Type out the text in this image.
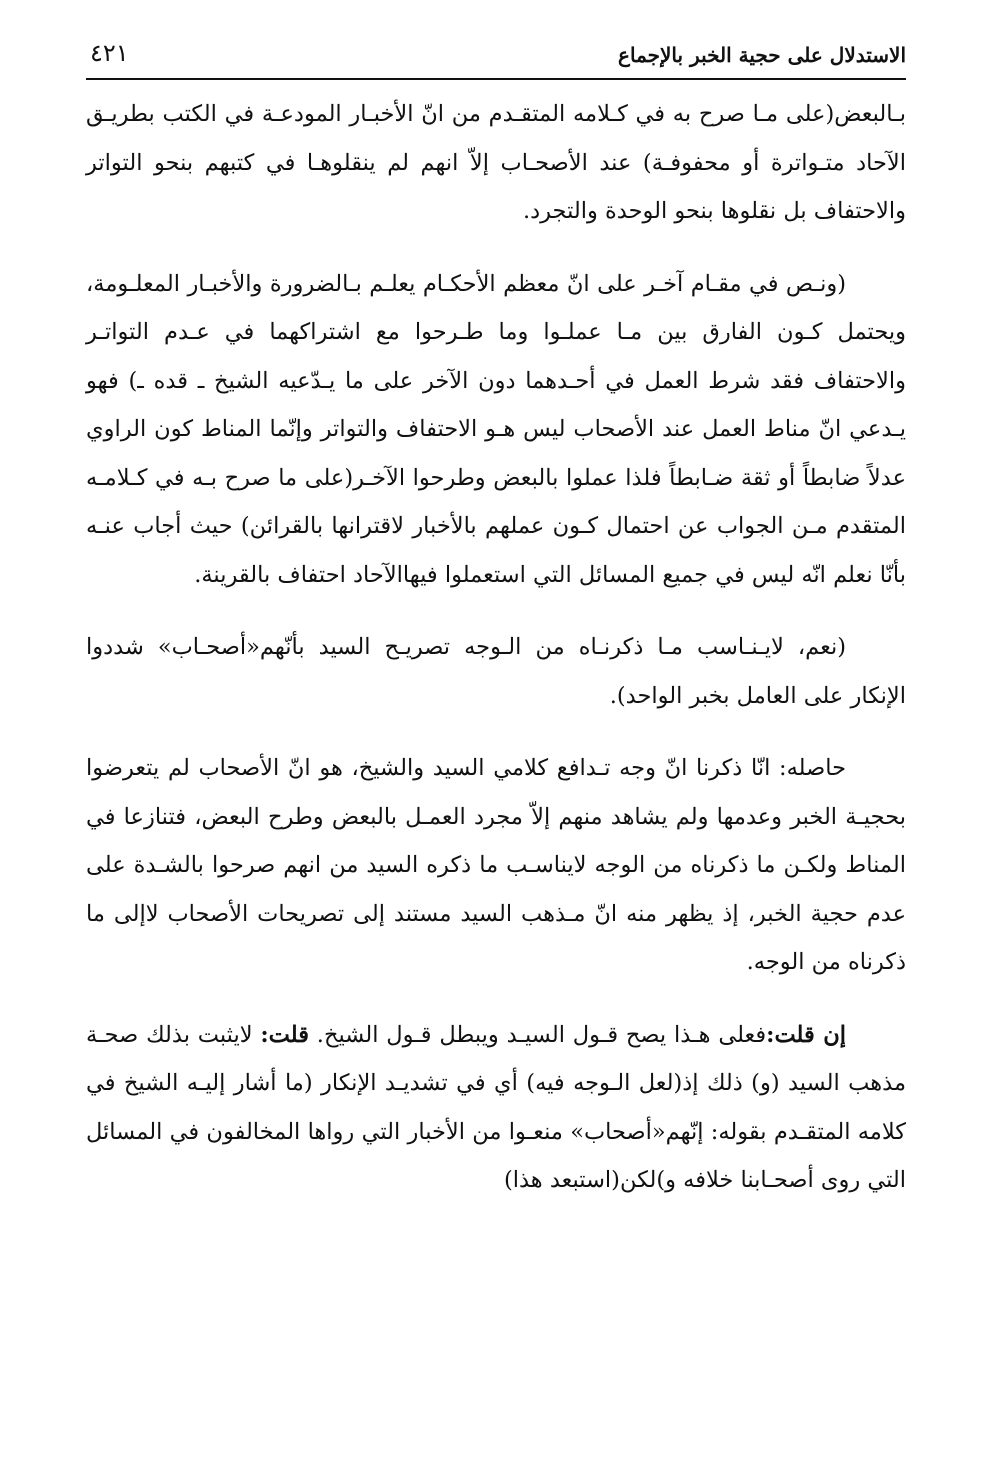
الاستدلال على حجية الخبر بالإجماع
٤٢١

بـالبعض(على مـا صرح به في كـلامه المتقـدم من انّ الأخبـار المودعـة في الكتب بطريـق الآحاد متـواترة أو محفوفـة) عند الأصحـاب إلاّ انهم لم ينقلوهـا في كتبهم بنحو التواتر والاحتفاف بل نقلوها بنحو الوحدة والتجرد.

(ونـص في مقـام آخـر على انّ معظم الأحكـام يعلـم بـالضرورة والأخبـار المعلـومة، ويحتمل كـون الفارق بين مـا عملـوا وما طـرحوا مع اشتراكهما في عـدم التواتـر والاحتفاف فقد شرط العمل في أحـدهما دون الآخر على ما يـدّعيه الشيخ ـ قده ـ) فهو يـدعي انّ مناط العمل عند الأصحاب ليس هـو الاحتفاف والتواتر وإنّما المناط كون الراوي عدلاً ضابطاً أو ثقة ضـابطاً فلذا عملوا بالبعض وطرحوا الآخـر(على ما صرح بـه في كـلامـه المتقدم مـن الجواب عن احتمال كـون عملهم بالأخبار لاقترانها بالقرائن) حيث أجاب عنـه بأنّا نعلم انّه ليس في جميع المسائل التي استعملوا فيهاالآحاد احتفاف بالقرينة.

(نعم، لايـنـاسب مـا ذكرنـاه من الـوجه تصريـح السيد بأنّهم«أصحـاب» شددوا الإنكار على العامل بخبر الواحد).

حاصله: انّا ذكرنا انّ وجه تـدافع كلامي السيد والشيخ، هو انّ الأصحاب لم يتعرضوا بحجيـة الخبر وعدمها ولم يشاهد منهم إلاّ مجرد العمـل بالبعض وطرح البعض، فتنازعا في المناط ولكـن ما ذكرناه من الوجه لايناسـب ما ذكره السيد من انهم صرحوا بالشـدة على عدم حجية الخبر، إذ يظهر منه انّ مـذهب السيد مستند إلى تصريحات الأصحاب لاإلى ما ذكرناه من الوجه.

إن قلت:فعلى هـذا يصح قـول السيـد ويبطل قـول الشيخ. قلت: لايثبت بذلك صحـة مذهب السيد (و) ذلك إذ(لعل الـوجه فيه) أي في تشديـد الإنكار (ما أشار إليـه الشيخ في كلامه المتقـدم بقوله: إنّهم«أصحاب» منعـوا من الأخبار التي رواها المخالفون في المسائل التي روى أصحـابنا خلافه و)لكن(استبعد هذا)
